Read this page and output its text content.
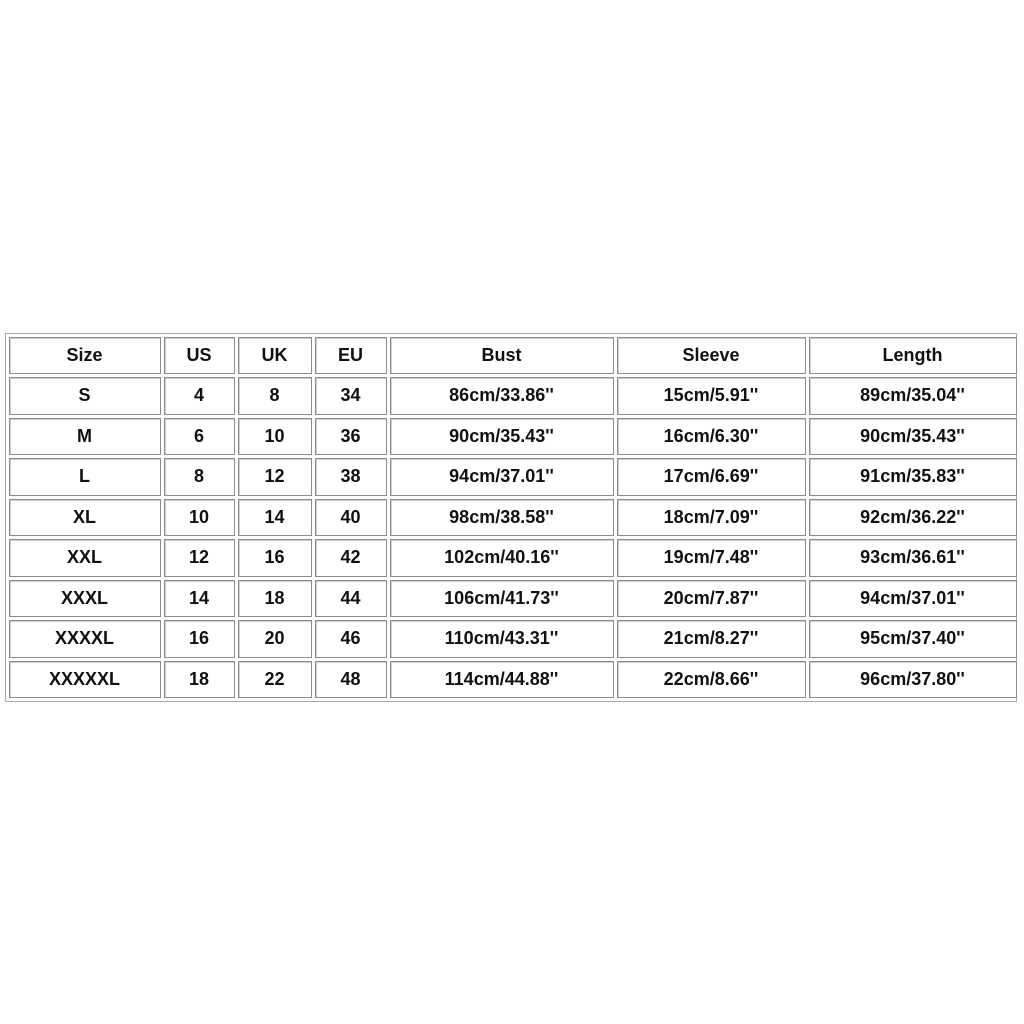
Size	US	UK	EU	Bust	Sleeve	Length
S	4	8	34	86cm/33.86''	15cm/5.91''	89cm/35.04''
M	6	10	36	90cm/35.43''	16cm/6.30''	90cm/35.43''
L	8	12	38	94cm/37.01''	17cm/6.69''	91cm/35.83''
XL	10	14	40	98cm/38.58''	18cm/7.09''	92cm/36.22''
XXL	12	16	42	102cm/40.16''	19cm/7.48''	93cm/36.61''
XXXL	14	18	44	106cm/41.73''	20cm/7.87''	94cm/37.01''
XXXXL	16	20	46	110cm/43.31''	21cm/8.27''	95cm/37.40''
XXXXXL	18	22	48	114cm/44.88''	22cm/8.66''	96cm/37.80''
